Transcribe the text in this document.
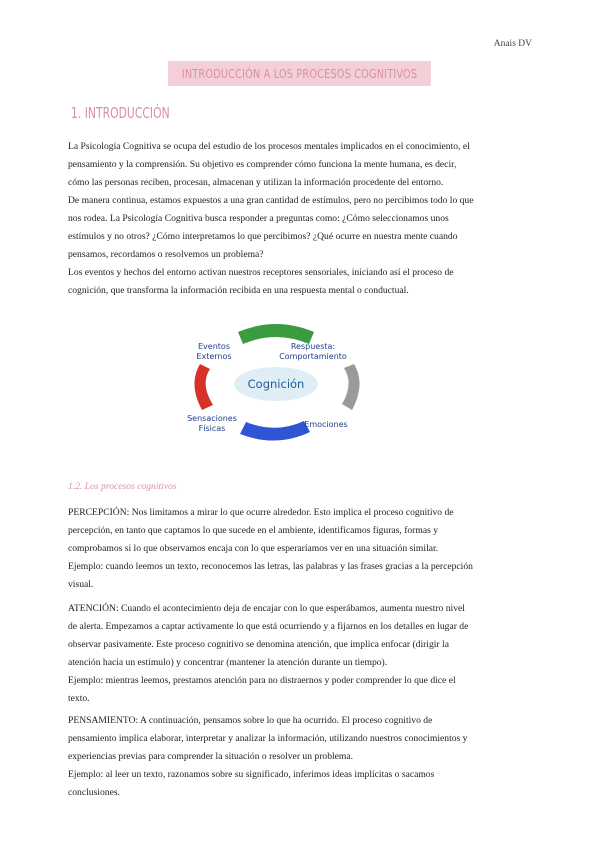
Anais DV
INTRODUCCIÓN A LOS PROCESOS COGNITIVOS
1. INTRODUCCIÓN
La Psicología Cognitiva se ocupa del estudio de los procesos mentales implicados en el conocimiento, el
pensamiento y la comprensión. Su objetivo es comprender cómo funciona la mente humana, es decir,
cómo las personas reciben, procesan, almacenan y utilizan la información procedente del entorno.
De manera continua, estamos expuestos a una gran cantidad de estímulos, pero no percibimos todo lo que
nos rodea. La Psicología Cognitiva busca responder a preguntas como: ¿Cómo seleccionamos unos
estímulos y no otros? ¿Cómo interpretamos lo que percibimos? ¿Qué ocurre en nuestra mente cuando
pensamos, recordamos o resolvemos un problema?
Los eventos y hechos del entorno activan nuestros receptores sensoriales, iniciando así el proceso de
cognición, que transforma la información recibida en una respuesta mental o conductual.
Cognición
Eventos
Externos
Respuesta:
Comportamiento
Sensaciones
Físicas	Emociones
1.2. Los procesos cognitivos
PERCEPCIÓN: Nos limitamos a mirar lo que ocurre alrededor. Esto implica el proceso cognitivo de
percepción, en tanto que captamos lo que sucede en el ambiente, identificamos figuras, formas y
comprobamos si lo que observamos encaja con lo que esperaríamos ver en una situación similar.
Ejemplo: cuando leemos un texto, reconocemos las letras, las palabras y las frases gracias a la percepción
visual.
ATENCIÓN: Cuando el acontecimiento deja de encajar con lo que esperábamos, aumenta nuestro nivel
de alerta. Empezamos a captar activamente lo que está ocurriendo y a fijarnos en los detalles en lugar de
observar pasivamente. Este proceso cognitivo se denomina atención, que implica enfocar (dirigir la
atención hacia un estímulo) y concentrar (mantener la atención durante un tiempo).
Ejemplo: mientras leemos, prestamos atención para no distraernos y poder comprender lo que dice el
texto.
PENSAMIENTO: A continuación, pensamos sobre lo que ha ocurrido. El proceso cognitivo de
pensamiento implica elaborar, interpretar y analizar la información, utilizando nuestros conocimientos y
experiencias previas para comprender la situación o resolver un problema.
Ejemplo: al leer un texto, razonamos sobre su significado, inferimos ideas implícitas o sacamos
conclusiones.
